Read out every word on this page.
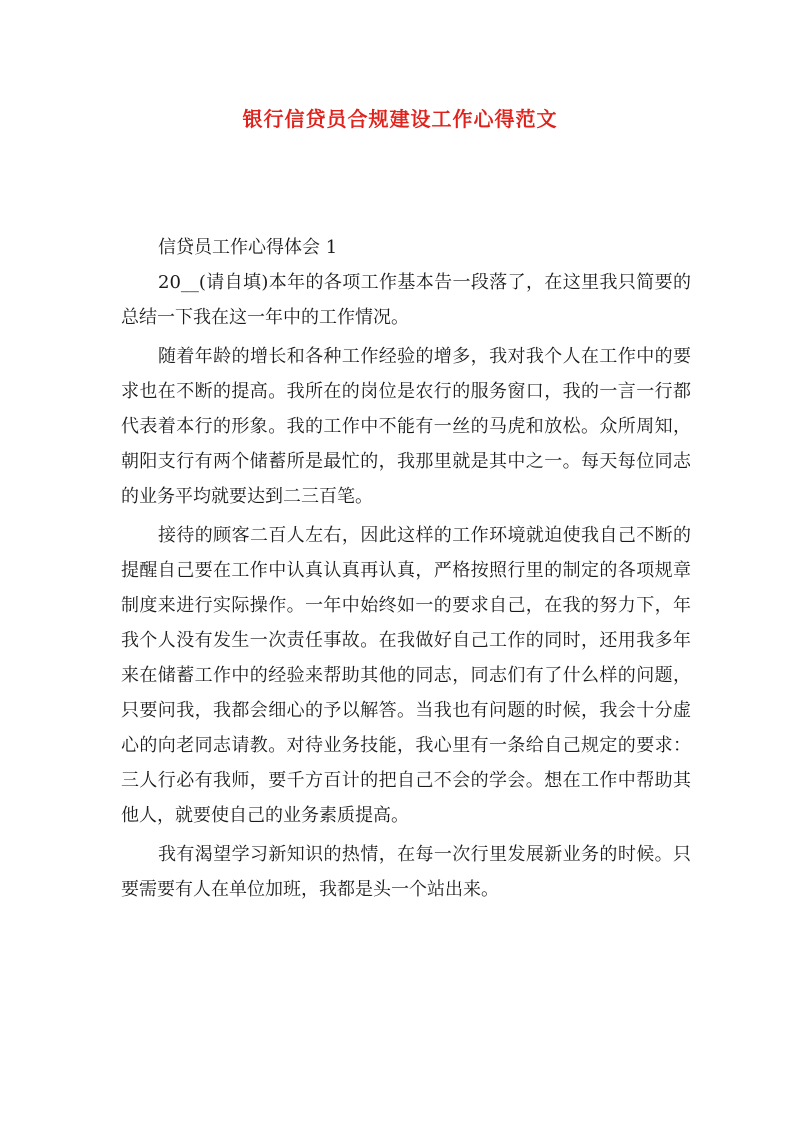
银行信贷员合规建设工作心得范文

信贷员工作心得体会 1

20__(请自填)本年的各项工作基本告一段落了，在这里我只简要的总结一下我在这一年中的工作情况。

随着年龄的增长和各种工作经验的增多，我对我个人在工作中的要求也在不断的提高。我所在的岗位是农行的服务窗口，我的一言一行都代表着本行的形象。我的工作中不能有一丝的马虎和放松。众所周知，朝阳支行有两个储蓄所是最忙的，我那里就是其中之一。每天每位同志的业务平均就要达到二三百笔。

接待的顾客二百人左右，因此这样的工作环境就迫使我自己不断的提醒自己要在工作中认真认真再认真，严格按照行里的制定的各项规章制度来进行实际操作。一年中始终如一的要求自己，在我的努力下，年我个人没有发生一次责任事故。在我做好自己工作的同时，还用我多年来在储蓄工作中的经验来帮助其他的同志，同志们有了什么样的问题，只要问我，我都会细心的予以解答。当我也有问题的时候，我会十分虚心的向老同志请教。对待业务技能，我心里有一条给自己规定的要求：三人行必有我师，要千方百计的把自己不会的学会。想在工作中帮助其他人，就要使自己的业务素质提高。

我有渴望学习新知识的热情，在每一次行里发展新业务的时候。只要需要有人在单位加班，我都是头一个站出来。
